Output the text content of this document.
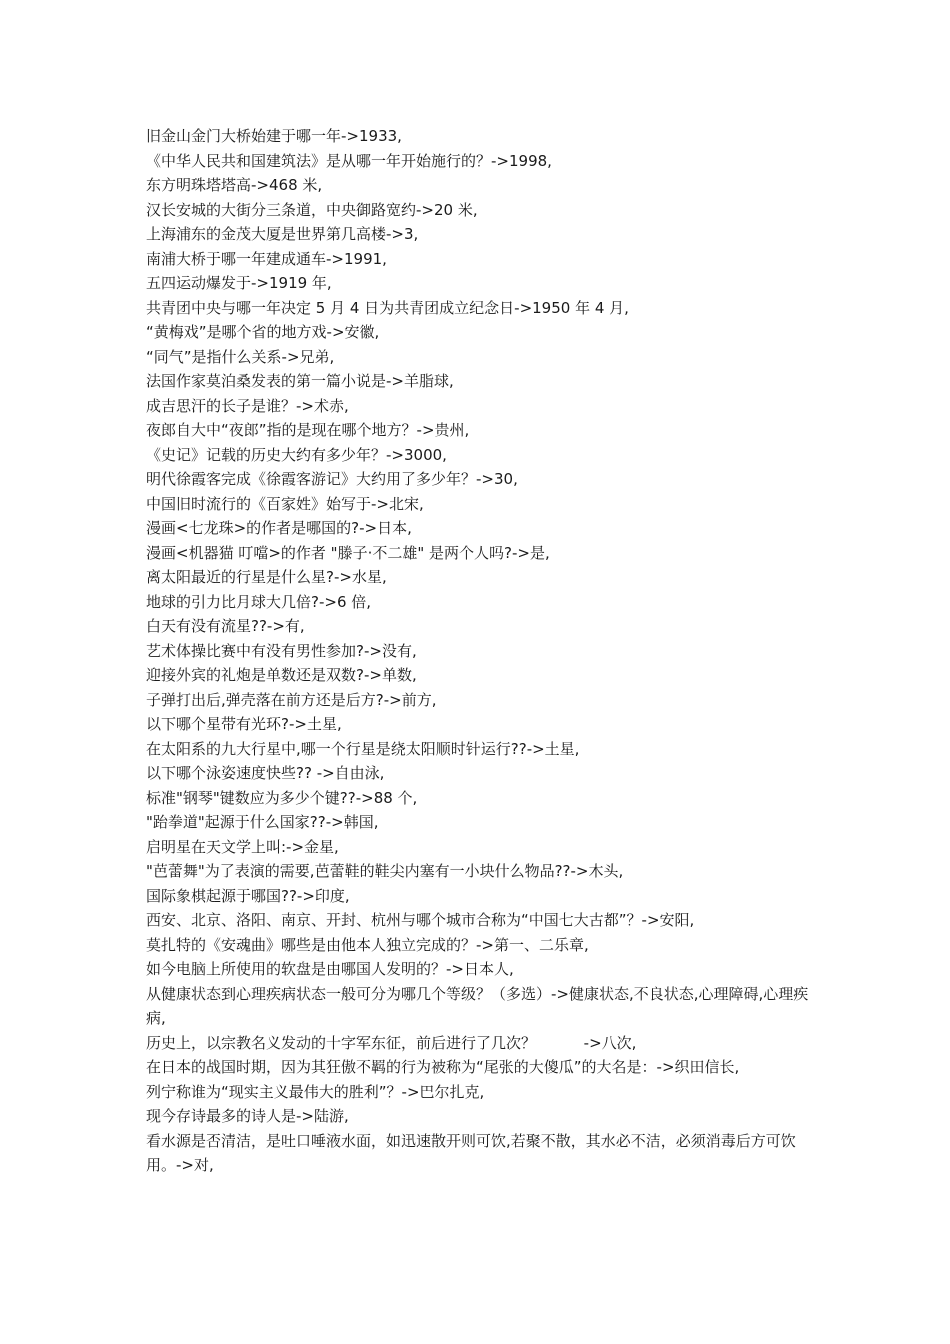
旧金山金门大桥始建于哪一年->1933,

《中华人民共和国建筑法》是从哪一年开始施行的？->1998,

东方明珠塔塔高->468 米,

汉长安城的大街分三条道，中央御路宽约->20 米,

上海浦东的金茂大厦是世界第几高楼->3,

南浦大桥于哪一年建成通车->1991,

五四运动爆发于->1919 年,

共青团中央与哪一年决定 5 月 4 日为共青团成立纪念日->1950 年 4 月,

“黄梅戏”是哪个省的地方戏->安徽,

“同气”是指什么关系->兄弟,

法国作家莫泊桑发表的第一篇小说是->羊脂球,

成吉思汗的长子是谁？->术赤,

夜郎自大中“夜郎”指的是现在哪个地方？->贵州,

《史记》记载的历史大约有多少年？->3000,

明代徐霞客完成《徐霞客游记》大约用了多少年？->30,

中国旧时流行的《百家姓》始写于->北宋,

漫画<七龙珠>的作者是哪国的?->日本,

漫画<机器猫 叮噹>的作者 "滕子·不二雄" 是两个人吗?->是,

离太阳最近的行星是什么星?->水星,

地球的引力比月球大几倍?->6 倍,

白天有没有流星??->有,

艺术体操比赛中有没有男性参加?->没有,

迎接外宾的礼炮是单数还是双数?->单数,

子弹打出后,弹壳落在前方还是后方?->前方,

以下哪个星带有光环?->土星,

在太阳系的九大行星中,哪一个行星是绕太阳顺时针运行??->土星,

以下哪个泳姿速度快些?? ->自由泳,

标准"钢琴"键数应为多少个键??->88 个,

"跆拳道"起源于什么国家??->韩国,

启明星在天文学上叫:->金星,

"芭蕾舞"为了表演的需要,芭蕾鞋的鞋尖内塞有一小块什么物品??->木头,

国际象棋起源于哪国??->印度,

西安、北京、洛阳、南京、开封、杭州与哪个城市合称为“中国七大古都”？->安阳,

莫扎特的《安魂曲》哪些是由他本人独立完成的？->第一、二乐章,

如今电脑上所使用的软盘是由哪国人发明的？->日本人,

从健康状态到心理疾病状态一般可分为哪几个等级？（多选）->健康状态,不良状态,心理障碍,心理疾病,

历史上，以宗教名义发动的十字军东征，前后进行了几次？          ->八次,

在日本的战国时期，因为其狂傲不羁的行为被称为“尾张的大傻瓜”的大名是：->织田信长,

列宁称谁为“现实主义最伟大的胜利”？->巴尔扎克,

现今存诗最多的诗人是->陆游,

看水源是否清洁，是吐口唾液水面，如迅速散开则可饮,若聚不散，其水必不洁，必须消毒后方可饮用。->对,
